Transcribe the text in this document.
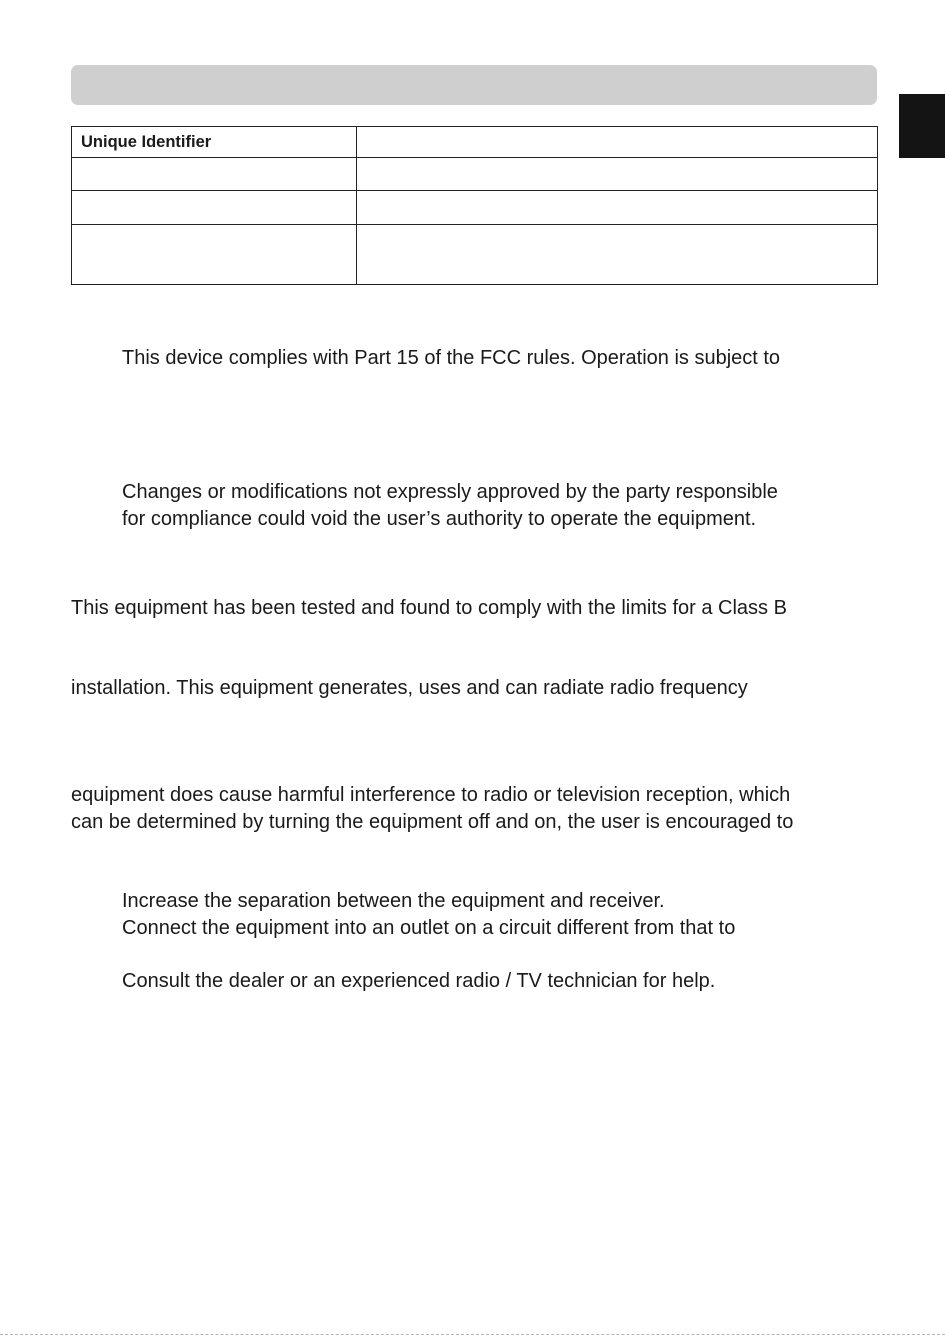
Unique Identifier	

This device complies with Part 15 of the FCC rules. Operation is subject to

Changes or modifications not expressly approved by the party responsible

for compliance could void the user’s authority to operate the equipment.

This equipment has been tested and found to comply with the limits for a Class B

installation. This equipment generates, uses and can radiate radio frequency

equipment does cause harmful interference to radio or television reception, which

can be determined by turning the equipment off and on, the user is encouraged to

Increase the separation between the equipment and receiver.

Connect the equipment into an outlet on a circuit different from that to

Consult the dealer or an experienced radio / TV technician for help.
